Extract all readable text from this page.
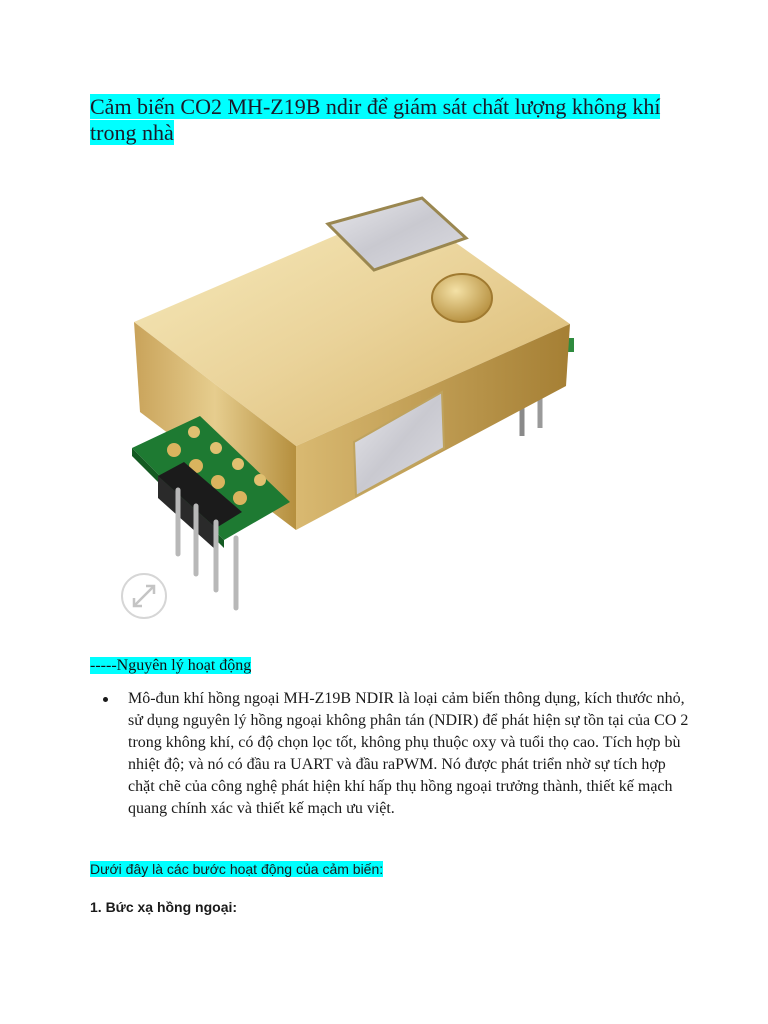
Cảm biến CO2 MH-Z19B ndir để giám sát chất lượng không khí trong nhà

-----Nguyên lý hoạt động

Mô-đun khí hồng ngoại MH-Z19B NDIR là loại cảm biến thông dụng, kích thước nhỏ, sử dụng nguyên lý hồng ngoại không phân tán (NDIR) để phát hiện sự tồn tại của CO 2 trong không khí, có độ chọn lọc tốt, không phụ thuộc oxy và tuổi thọ cao. Tích hợp bù nhiệt độ; và nó có đầu ra UART và đầu raPWM. Nó được phát triển nhờ sự tích hợp chặt chẽ của công nghệ phát hiện khí hấp thụ hồng ngoại trưởng thành, thiết kế mạch quang chính xác và thiết kế mạch ưu việt.

Dưới đây là các bước hoạt động của cảm biến:

1. Bức xạ hồng ngoại:
